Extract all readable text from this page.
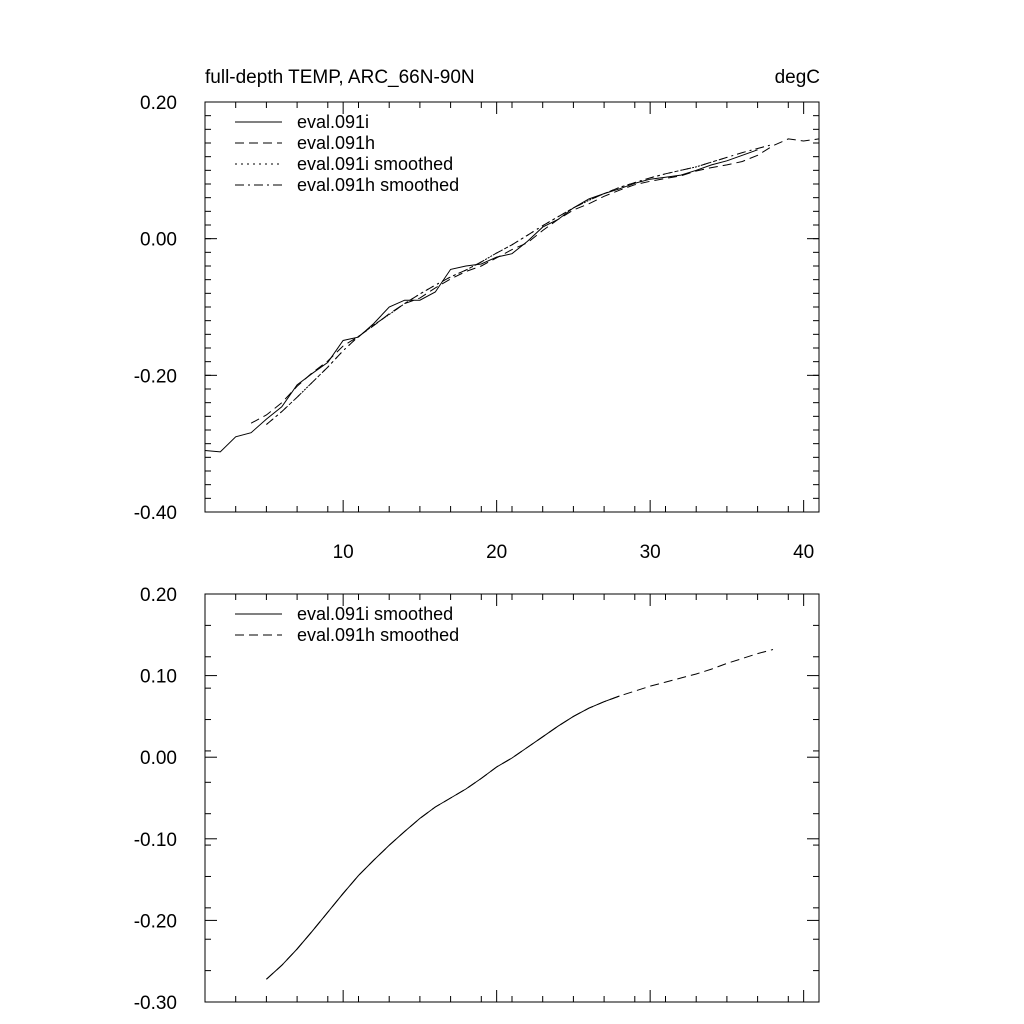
full-depth TEMP, ARC_66N-90N	degC
-0.40
-0.20
0.00
0.20
10	20	30	40
eval.091i
eval.091h
eval.091i smoothed
eval.091h smoothed
-0.30
-0.20
-0.10
0.00
0.10
0.20
eval.091i smoothed
eval.091h smoothed
